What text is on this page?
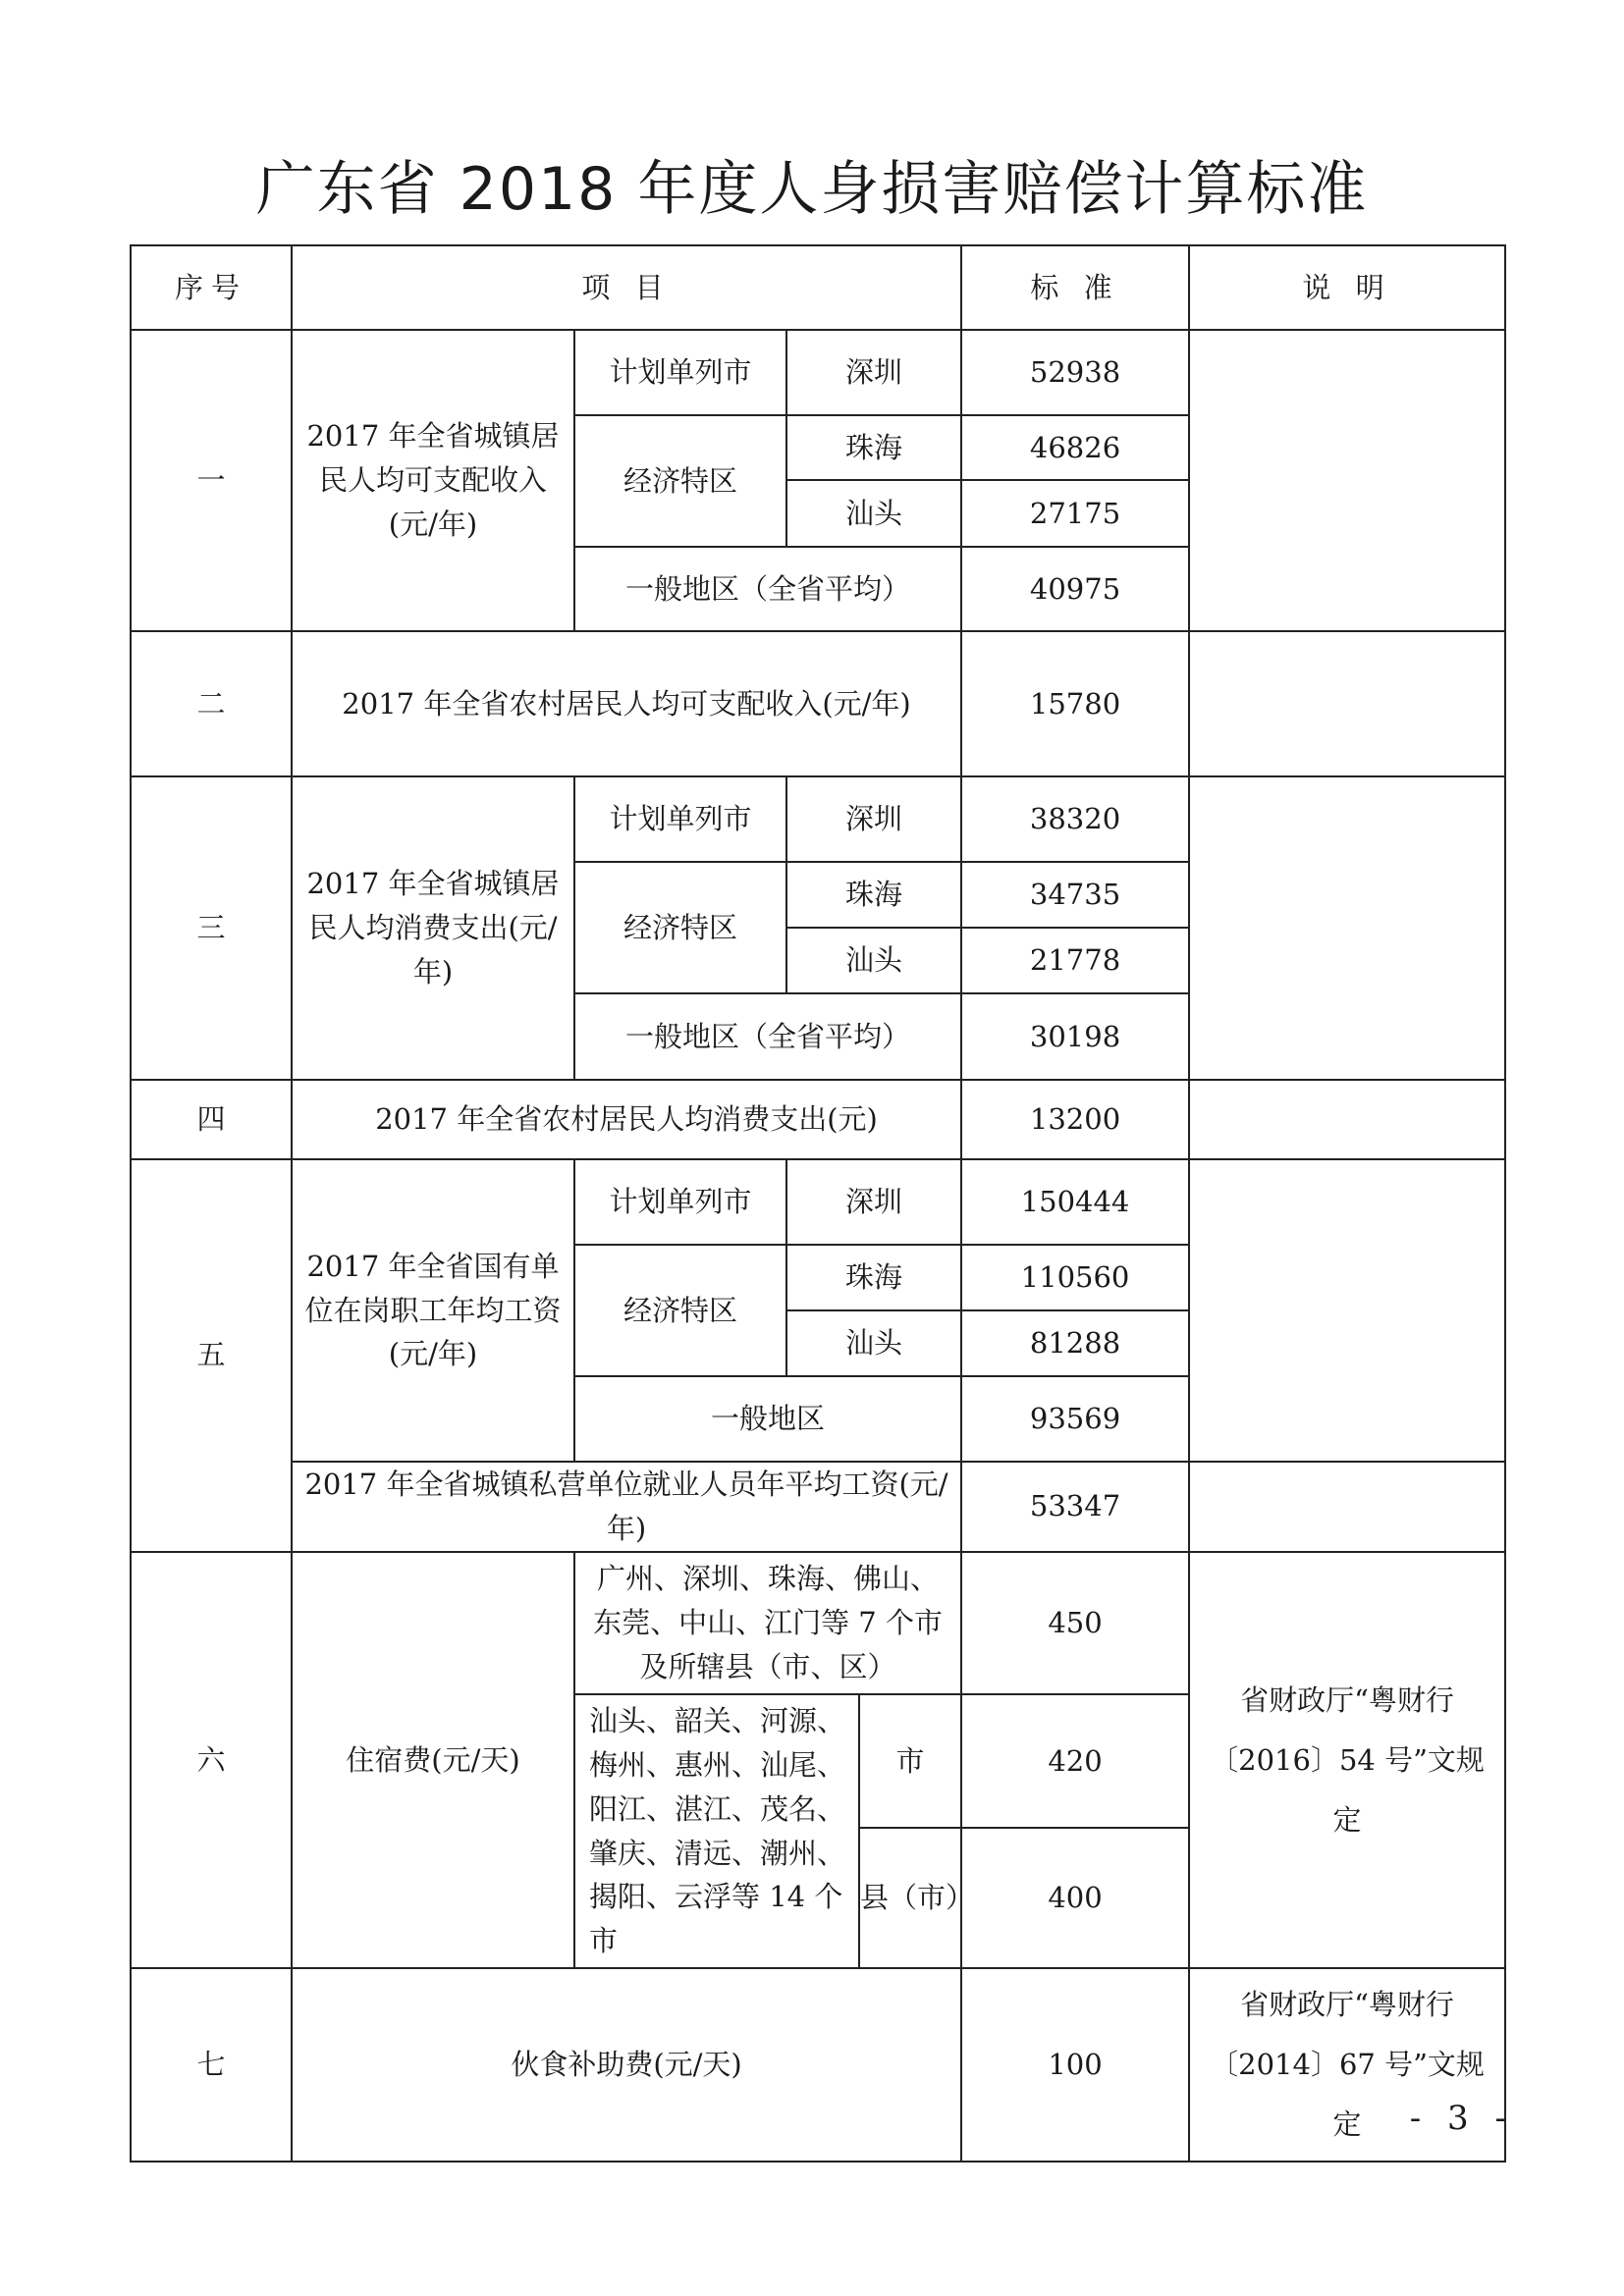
广东省 2018 年度人身损害赔偿计算标准
序号	项 目				标 准	说 明
一	2017 年全省城镇居民人均可支配收入(元/年)	计划单列市	深圳		52938	
		经济特区	珠海		46826	
			汕头		27175	
		一般地区（全省平均）			40975	
二	2017 年全省农村居民人均可支配收入(元/年)				15780	
三	2017 年全省城镇居民人均消费支出(元/年)	计划单列市	深圳		38320	
		经济特区	珠海		34735	
			汕头		21778	
		一般地区（全省平均）			30198	
四	2017 年全省农村居民人均消费支出(元)				13200	
五	2017 年全省国有单位在岗职工年均工资(元/年)	计划单列市	深圳		150444	
		经济特区	珠海		110560	
			汕头		81288	
		一般地区			93569	
	2017 年全省城镇私营单位就业人员年平均工资(元/年)				53347	
六	住宿费(元/天)	广州、深圳、珠海、佛山、东莞、中山、江门等 7 个市及所辖县（市、区）			450	省财政厅“粤财行〔2016〕54 号”文规定
		汕头、韶关、河源、梅州、惠州、汕尾、阳江、湛江、茂名、肇庆、清远、潮州、揭阳、云浮等 14 个市		市	420	
				县（市）	400	
七	伙食补助费(元/天)				100	省财政厅“粤财行〔2014〕67 号”文规定 - 3 -
